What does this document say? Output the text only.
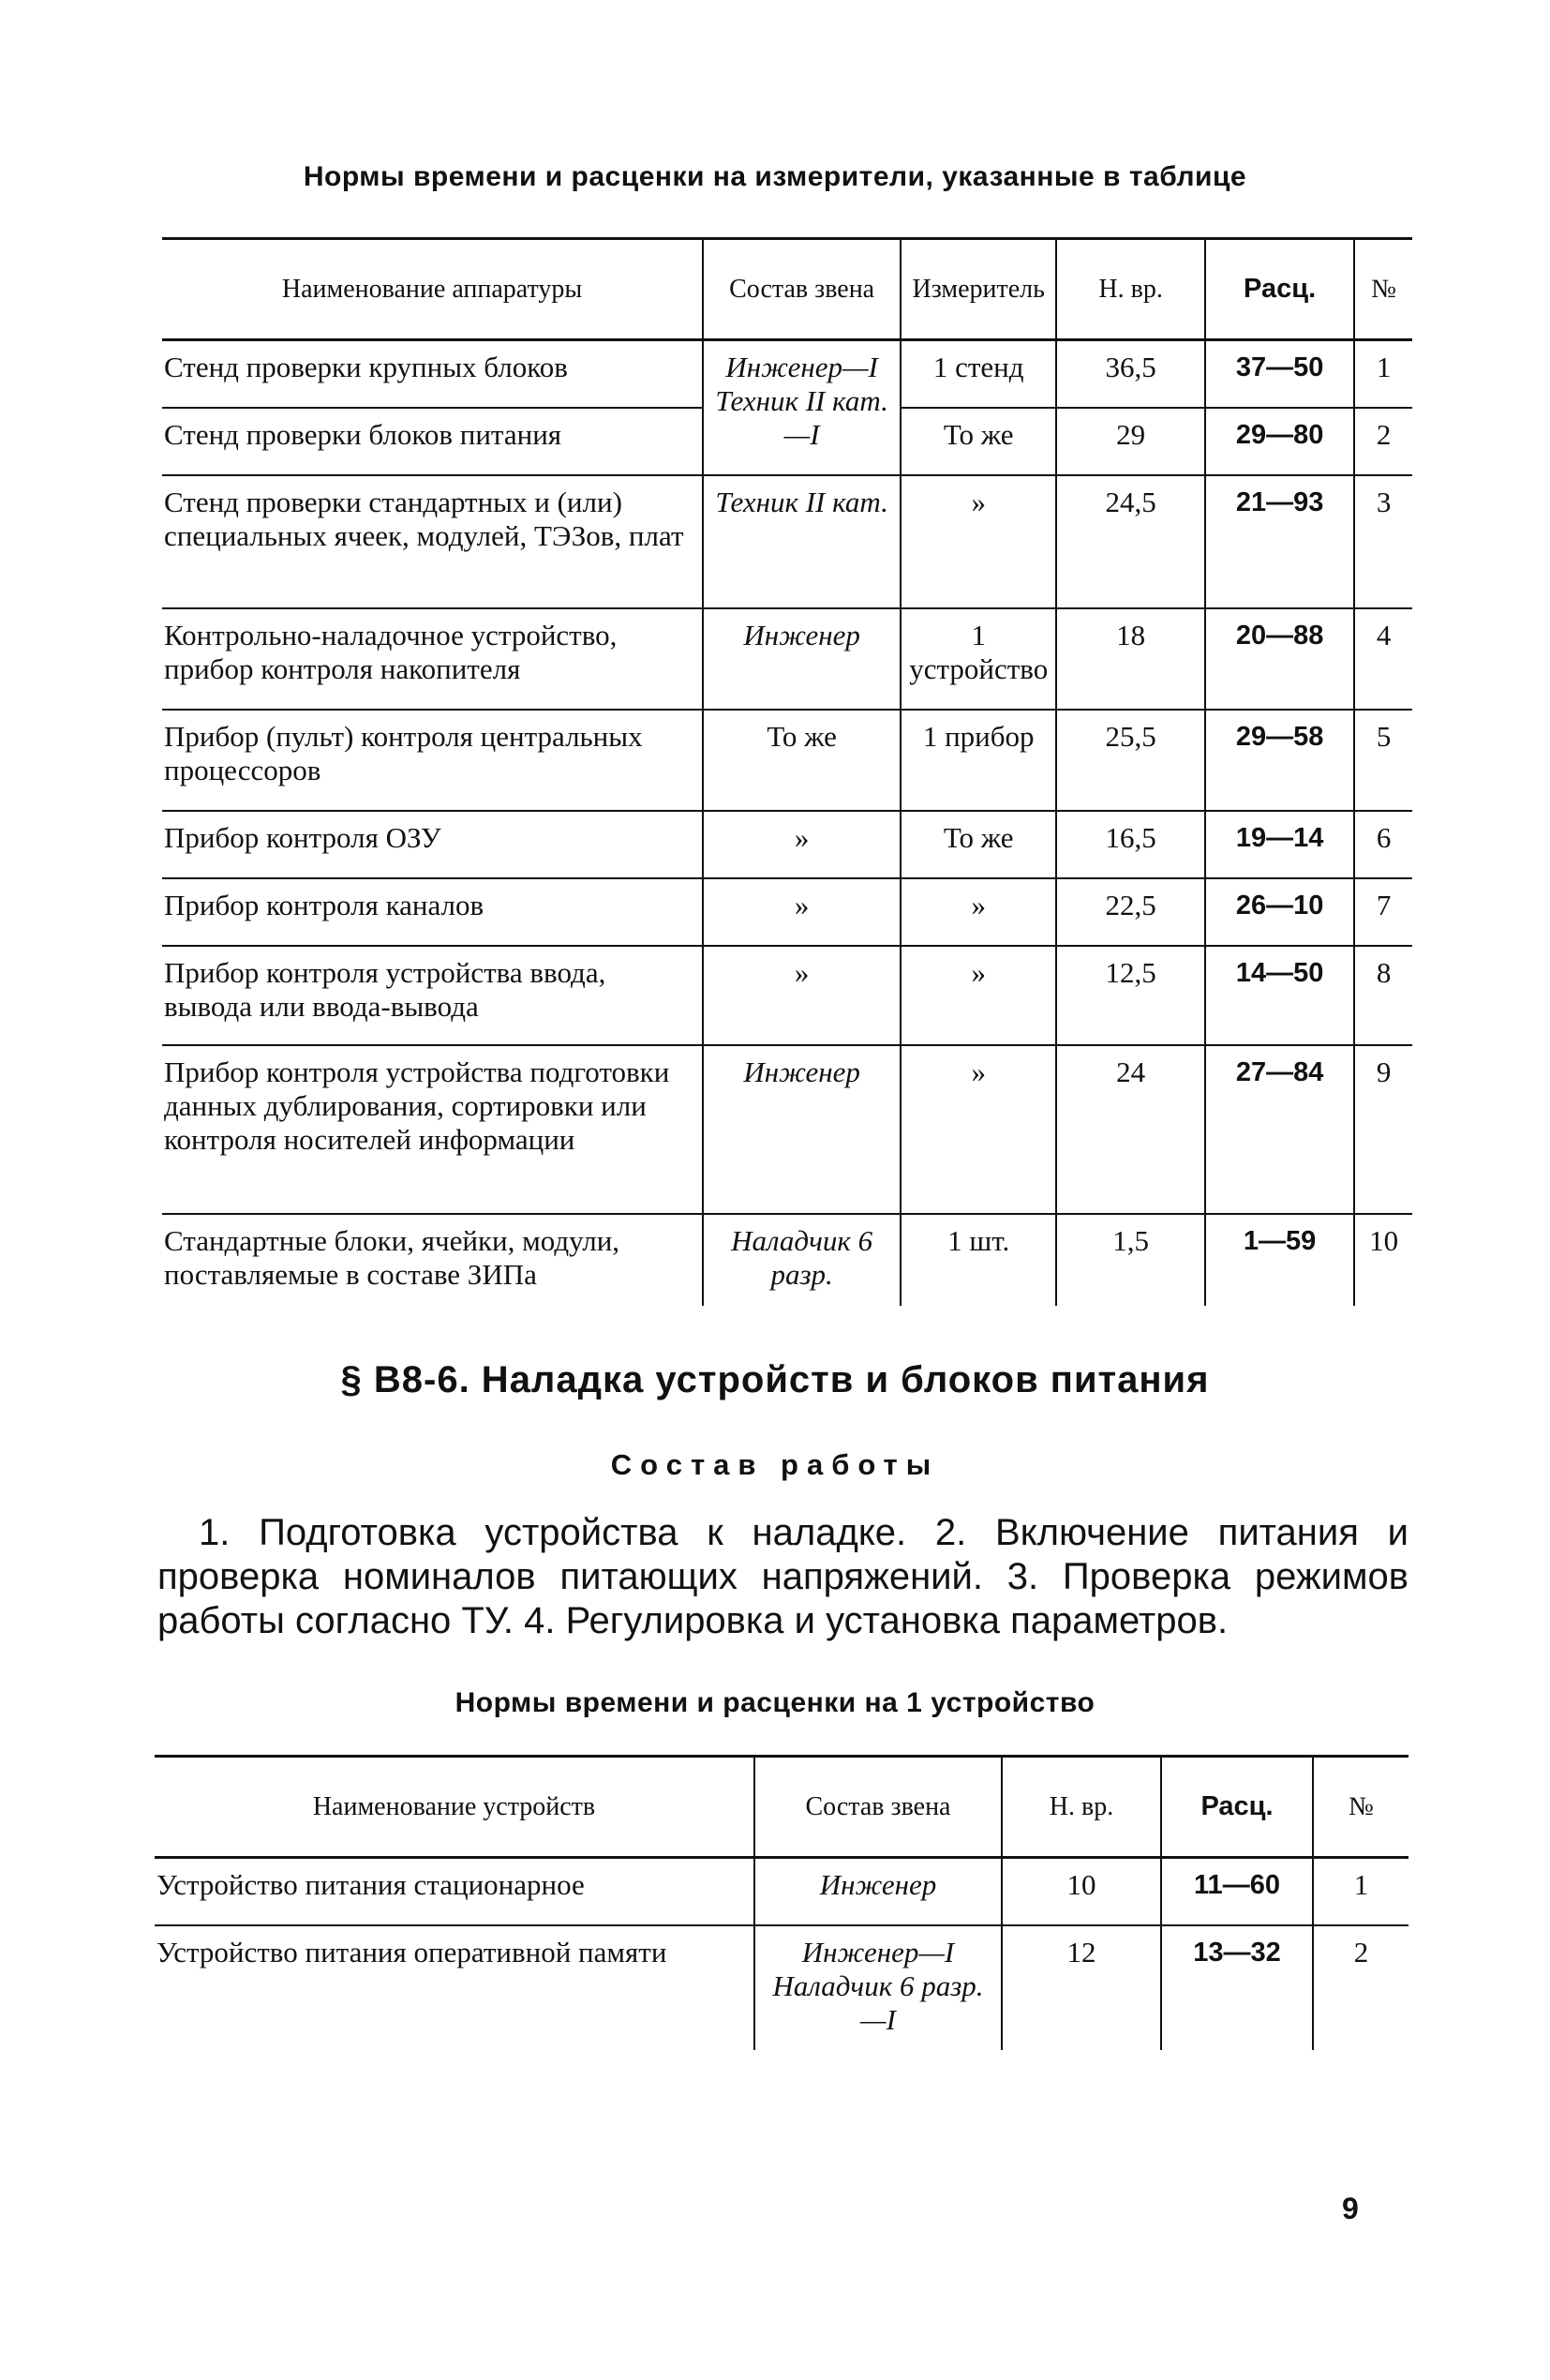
Нормы времени и расценки на измерители, указанные в таблице
Наименование аппаратуры	Состав звена	Измеритель	Н. вр.	Расц.	№
Стенд проверки крупных блоков	Инженер—I Техник II кат.—I	1 стенд	36,5	37—50	1
Стенд проверки блоков питания		То же	29	29—80	2
Стенд проверки стандартных и (или) специальных ячеек, модулей, ТЭЗов, плат	Техник II кат.	»	24,5	21—93	3
Контрольно-наладочное устройство, прибор контроля накопителя	Инженер	1 устройство	18	20—88	4
Прибор (пульт) контроля центральных процессоров	То же	1 прибор	25,5	29—58	5
Прибор контроля ОЗУ	»	То же	16,5	19—14	6
Прибор контроля каналов	»	»	22,5	26—10	7
Прибор контроля устройства ввода, вывода или ввода-вывода	»	»	12,5	14—50	8
Прибор контроля устройства подготовки данных дублирования, сортировки или контроля носителей информации	Инженер	»	24	27—84	9
Стандартные блоки, ячейки, модули, поставляемые в составе ЗИПа	Наладчик 6 разр.	1 шт.	1,5	1—59	10
§ В8-6. Наладка устройств и блоков питания
Состав работы
1. Подготовка устройства к наладке. 2. Включение питания и проверка номиналов питающих напряжений. 3. Проверка режимов работы согласно ТУ. 4. Регулировка и установка параметров.
Нормы времени и расценки на 1 устройство
Наименование устройств	Состав звена	Н. вр.	Расц.	№
Устройство питания стационарное	Инженер	10	11—60	1
Устройство питания оперативной памяти	Инженер—I Наладчик 6 разр.—I	12	13—32	2
9
